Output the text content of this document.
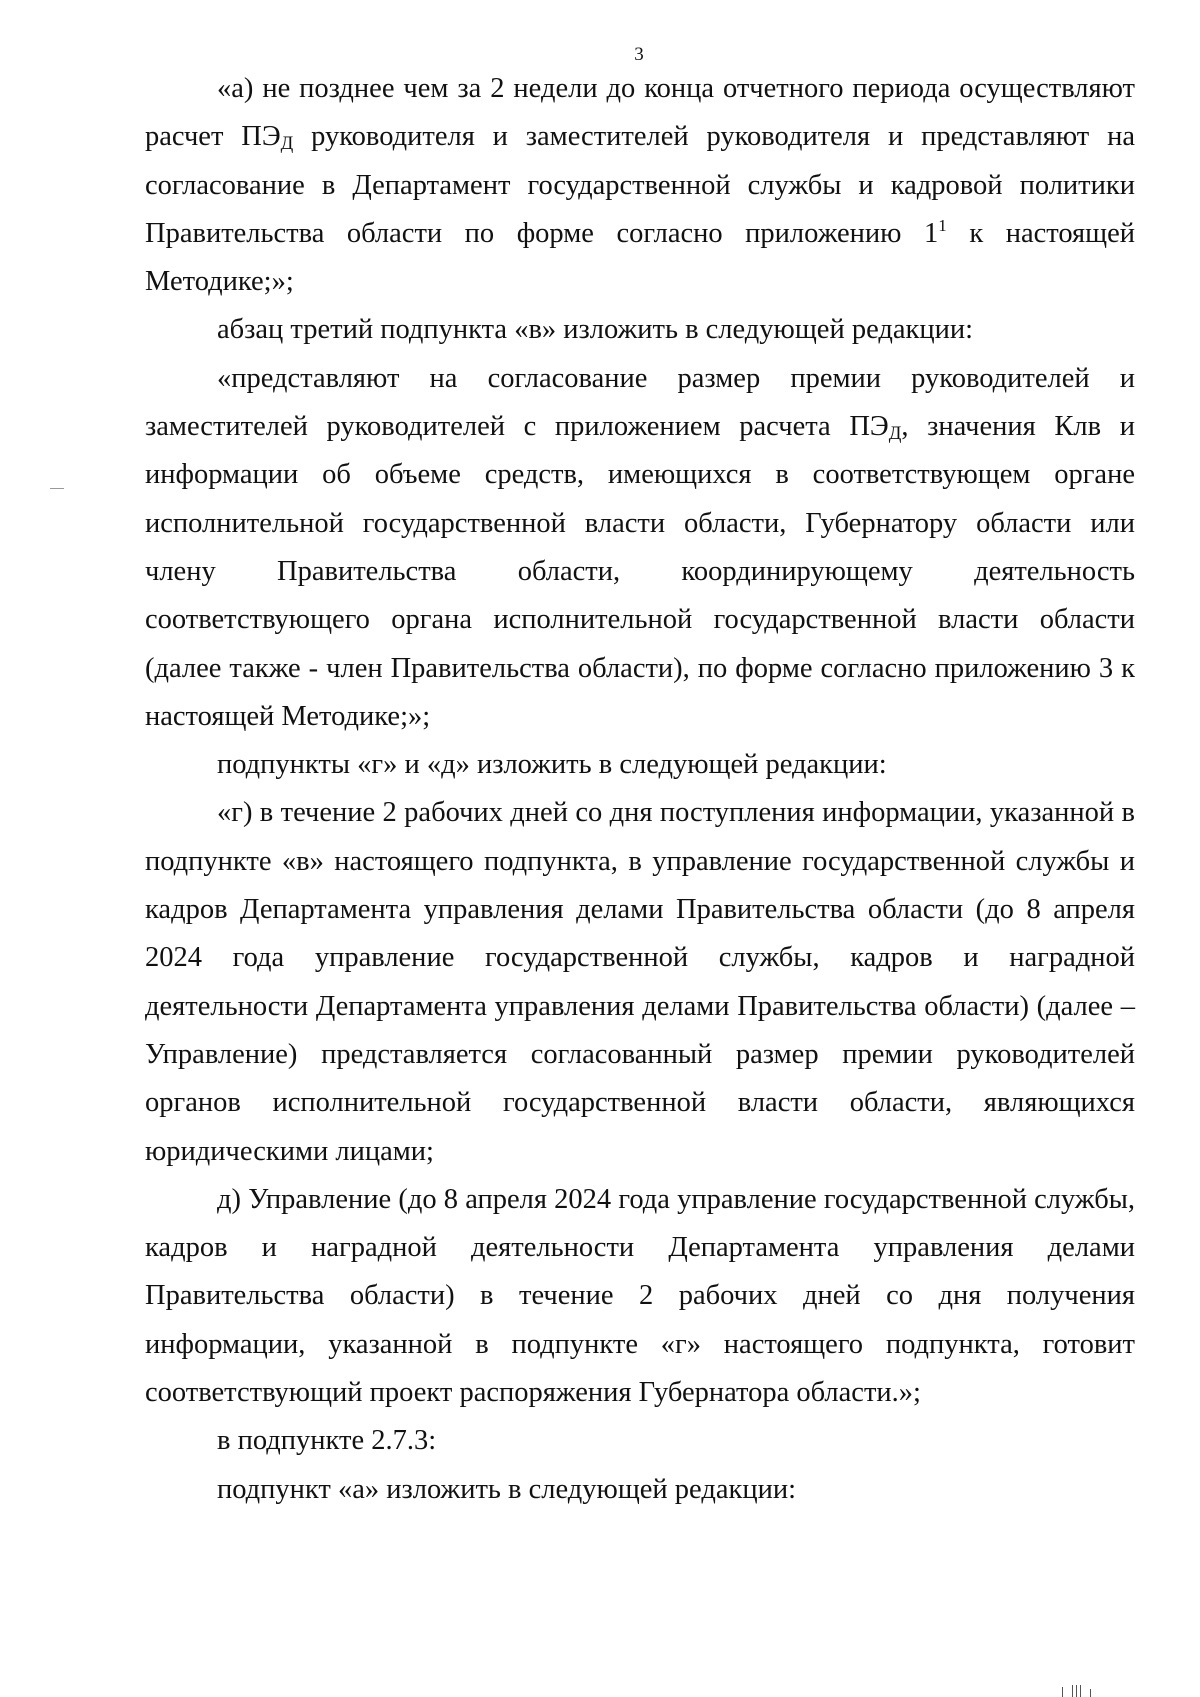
3

«а) не позднее чем за 2 недели до конца отчетного периода осуществляют расчет $ПЭ_Д$ руководителя и заместителей руководителя и представляют на согласование в Департамент государственной службы и кадровой политики Правительства области по форме согласно приложению $1^1$ к настоящей Методике;»;

абзац третий подпункта «в» изложить в следующей редакции:

«представляют на согласование размер премии руководителей и заместителей руководителей с приложением расчета $ПЭ_Д$, значения Клв и информации об объеме средств, имеющихся в соответствующем органе исполнительной государственной власти области, Губернатору области или члену Правительства области, координирующему деятельность соответствующего органа исполнительной государственной власти области (далее также - член Правительства области), по форме согласно приложению 3 к настоящей Методике;»;

подпункты «г» и «д» изложить в следующей редакции:

«г) в течение 2 рабочих дней со дня поступления информации, указанной в подпункте «в» настоящего подпункта, в управление государственной службы и кадров Департамента управления делами Правительства области (до 8 апреля 2024 года управление государственной службы, кадров и наградной деятельности Департамента управления делами Правительства области) (далее – Управление) представляется согласованный размер премии руководителей органов исполнительной государственной власти области, являющихся юридическими лицами;

д) Управление (до 8 апреля 2024 года управление государственной службы, кадров и наградной деятельности Департамента управления делами Правительства области) в течение 2 рабочих дней со дня получения информации, указанной в подпункте «г» настоящего подпункта, готовит соответствующий проект распоряжения Губернатора области.»;

в подпункте 2.7.3:

подпункт «а» изложить в следующей редакции:
